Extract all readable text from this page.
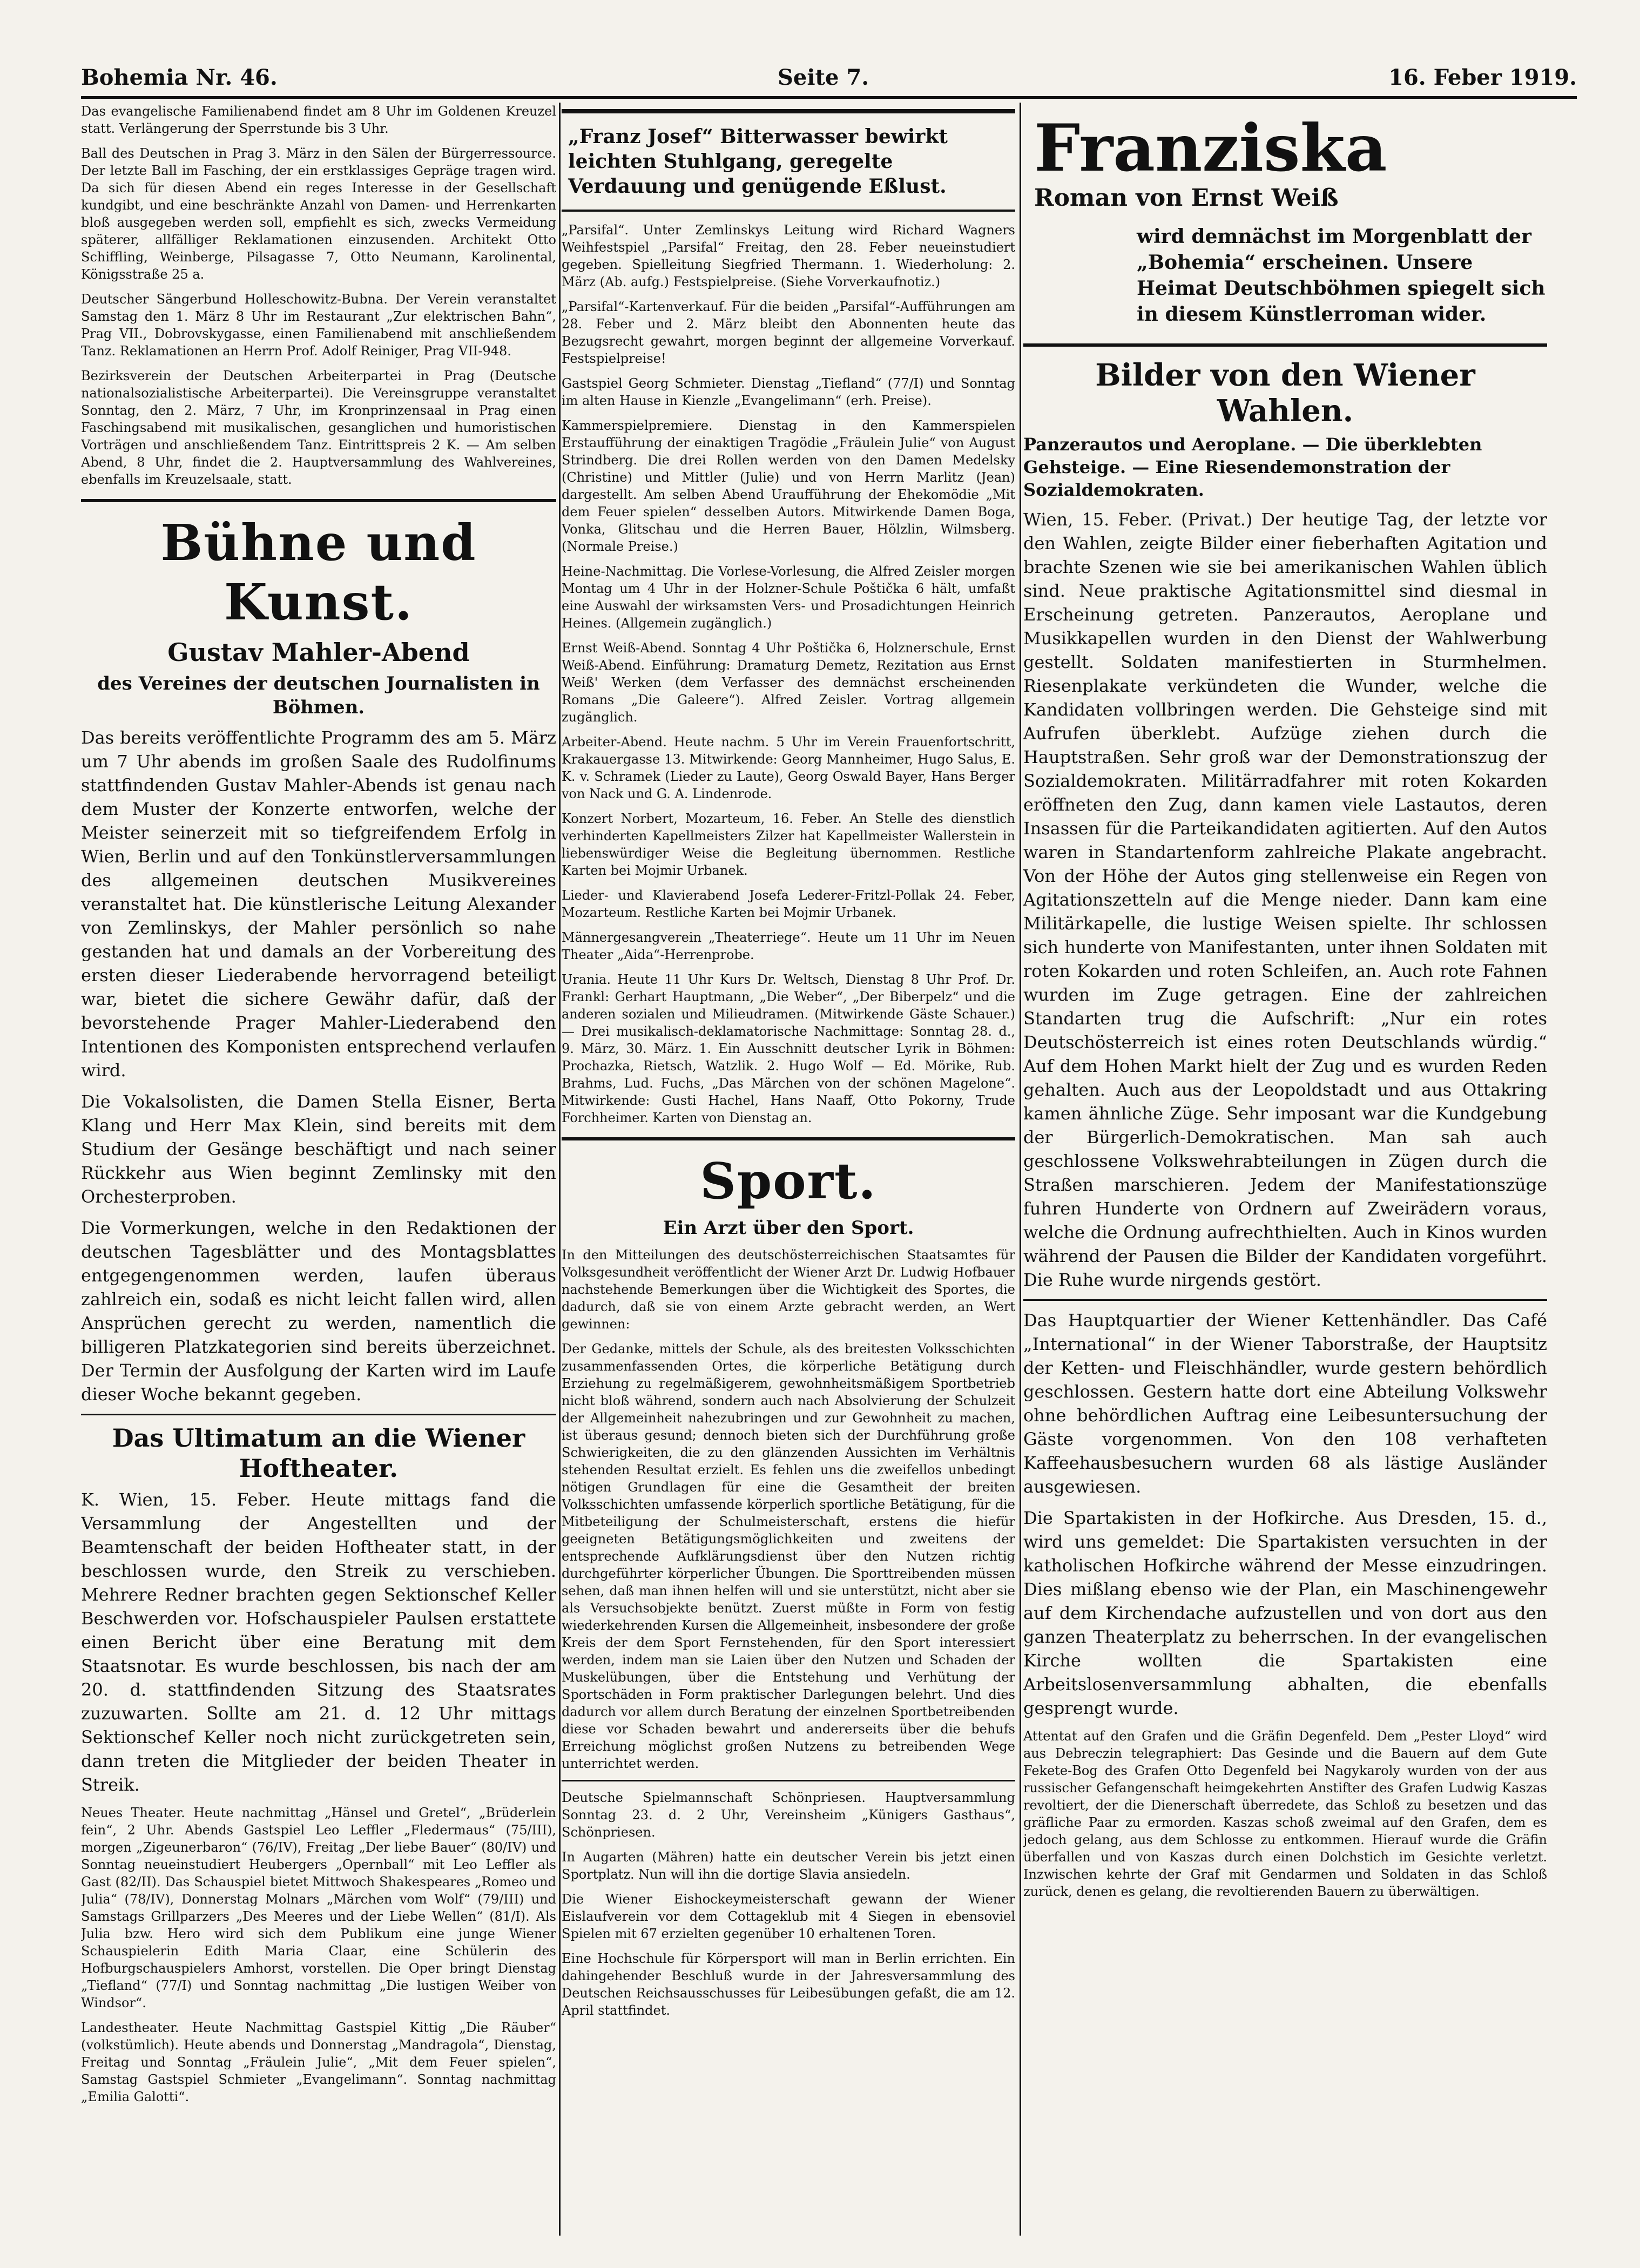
Bohemia Nr. 46.	Seite 7.	16. Feber 1919.

Das evangelische Familienabend findet am 8 Uhr im Goldenen Kreuzel statt. Verlängerung der Sperrstunde bis 3 Uhr.

Ball des Deutschen in Prag 3. März in den Sälen der Bürgerressource. Der letzte Ball im Fasching, der ein erstklassiges Gepräge tragen wird. Da sich für diesen Abend ein reges Interesse in der Gesellschaft kundgibt, und eine beschränkte Anzahl von Damen- und Herrenkarten bloß ausgegeben werden soll, empfiehlt es sich, zwecks Vermeidung späterer, allfälliger Reklamationen einzusenden. Architekt Otto Schiffling, Weinberge, Pilsagasse 7, Otto Neumann, Karolinental, Königsstraße 25 a.

Deutscher Sängerbund Holleschowitz-Bubna. Der Verein veranstaltet Samstag den 1. März 8 Uhr im Restaurant „Zur elektrischen Bahn“, Prag VII., Dobrovskygasse, einen Familienabend mit anschließendem Tanz. Reklamationen an Herrn Prof. Adolf Reiniger, Prag VII-948.

Bezirksverein der Deutschen Arbeiterpartei in Prag (Deutsche nationalsozialistische Arbeiterpartei). Die Vereinsgruppe veranstaltet Sonntag, den 2. März, 7 Uhr, im Kronprinzensaal in Prag einen Faschingsabend mit musikalischen, gesanglichen und humoristischen Vorträgen und anschließendem Tanz. Eintrittspreis 2 K. — Am selben Abend, 8 Uhr, findet die 2. Hauptversammlung des Wahlvereines, ebenfalls im Kreuzelsaale, statt.

Bühne und Kunst.
Gustav Mahler-Abend
des Vereines der deutschen Journalisten in Böhmen.

Das bereits veröffentlichte Programm des am 5. März um 7 Uhr abends im großen Saale des Rudolfinums stattfindenden Gustav Mahler-Abends ist genau nach dem Muster der Konzerte entworfen, welche der Meister seinerzeit mit so tiefgreifendem Erfolg in Wien, Berlin und auf den Tonkünstlerversammlungen des allgemeinen deutschen Musikvereines veranstaltet hat. Die künstlerische Leitung Alexander von Zemlinskys, der Mahler persönlich so nahe gestanden hat und damals an der Vorbereitung des ersten dieser Liederabende hervorragend beteiligt war, bietet die sichere Gewähr dafür, daß der bevorstehende Prager Mahler-Liederabend den Intentionen des Komponisten entsprechend verlaufen wird.

Die Vokalsolisten, die Damen Stella Eisner, Berta Klang und Herr Max Klein, sind bereits mit dem Studium der Gesänge beschäftigt und nach seiner Rückkehr aus Wien beginnt Zemlinsky mit den Orchesterproben.

Die Vormerkungen, welche in den Redaktionen der deutschen Tagesblätter und des Montagsblattes entgegengenommen werden, laufen überaus zahlreich ein, sodaß es nicht leicht fallen wird, allen Ansprüchen gerecht zu werden, namentlich die billigeren Platzkategorien sind bereits überzeichnet. Der Termin der Ausfolgung der Karten wird im Laufe dieser Woche bekannt gegeben.

Das Ultimatum an die Wiener Hoftheater.

K. Wien, 15. Feber. Heute mittags fand die Versammlung der Angestellten und der Beamtenschaft der beiden Hoftheater statt, in der beschlossen wurde, den Streik zu verschieben. Mehrere Redner brachten gegen Sektionschef Keller Beschwerden vor. Hofschauspieler Paulsen erstattete einen Bericht über eine Beratung mit dem Staatsnotar. Es wurde beschlossen, bis nach der am 20. d. stattfindenden Sitzung des Staatsrates zuzuwarten. Sollte am 21. d. 12 Uhr mittags Sektionschef Keller noch nicht zurückgetreten sein, dann treten die Mitglieder der beiden Theater in Streik.

Neues Theater. Heute nachmittag „Hänsel und Gretel“, „Brüderlein fein“, 2 Uhr. Abends Gastspiel Leo Leffler „Fledermaus“ (75/III), morgen „Zigeunerbaron“ (76/IV), Freitag „Der liebe Bauer“ (80/IV) und Sonntag neueinstudiert Heubergers „Opernball“ mit Leo Leffler als Gast (82/II). Das Schauspiel bietet Mittwoch Shakespeares „Romeo und Julia“ (78/IV), Donnerstag Molnars „Märchen vom Wolf“ (79/III) und Samstags Grillparzers „Des Meeres und der Liebe Wellen“ (81/I). Als Julia bzw. Hero wird sich dem Publikum eine junge Wiener Schauspielerin Edith Maria Claar, eine Schülerin des Hofburgschauspielers Amhorst, vorstellen. Die Oper bringt Dienstag „Tiefland“ (77/I) und Sonntag nachmittag „Die lustigen Weiber von Windsor“.

Landestheater. Heute Nachmittag Gastspiel Kittig „Die Räuber“ (volkstümlich). Heute abends und Donnerstag „Mandragola“, Dienstag, Freitag und Sonntag „Fräulein Julie“, „Mit dem Feuer spielen“, Samstag Gastspiel Schmieter „Evangelimann“. Sonntag nachmittag „Emilia Galotti“.

„Franz Josef“ Bitterwasser bewirkt leichten Stuhlgang, geregelte Verdauung und genügende Eßlust.

„Parsifal“. Unter Zemlinskys Leitung wird Richard Wagners Weihfestspiel „Parsifal“ Freitag, den 28. Feber neueinstudiert gegeben. Spielleitung Siegfried Thermann. 1. Wiederholung: 2. März (Ab. aufg.) Festspielpreise. (Siehe Vorverkaufnotiz.)

„Parsifal“-Kartenverkauf. Für die beiden „Parsifal“-Aufführungen am 28. Feber und 2. März bleibt den Abonnenten heute das Bezugsrecht gewahrt, morgen beginnt der allgemeine Vorverkauf. Festspielpreise!

Gastspiel Georg Schmieter. Dienstag „Tiefland“ (77/I) und Sonntag im alten Hause in Kienzle „Evangelimann“ (erh. Preise).

Kammerspielpremiere. Dienstag in den Kammerspielen Erstaufführung der einaktigen Tragödie „Fräulein Julie“ von August Strindberg. Die drei Rollen werden von den Damen Medelsky (Christine) und Mittler (Julie) und von Herrn Marlitz (Jean) dargestellt. Am selben Abend Uraufführung der Ehekomödie „Mit dem Feuer spielen“ desselben Autors. Mitwirkende Damen Boga, Vonka, Glitschau und die Herren Bauer, Hölzlin, Wilmsberg. (Normale Preise.)

Heine-Nachmittag. Die Vorlese-Vorlesung, die Alfred Zeisler morgen Montag um 4 Uhr in der Holzner-Schule Poštička 6 hält, umfaßt eine Auswahl der wirksamsten Vers- und Prosadichtungen Heinrich Heines. (Allgemein zugänglich.)

Ernst Weiß-Abend. Sonntag 4 Uhr Poštička 6, Holznerschule, Ernst Weiß-Abend. Einführung: Dramaturg Demetz, Rezitation aus Ernst Weiß' Werken (dem Verfasser des demnächst erscheinenden Romans „Die Galeere“). Alfred Zeisler. Vortrag allgemein zugänglich.

Arbeiter-Abend. Heute nachm. 5 Uhr im Verein Frauenfortschritt, Krakauergasse 13. Mitwirkende: Georg Mannheimer, Hugo Salus, E. K. v. Schramek (Lieder zu Laute), Georg Oswald Bayer, Hans Berger von Nack und G. A. Lindenrode.

Konzert Norbert, Mozarteum, 16. Feber. An Stelle des dienstlich verhinderten Kapellmeisters Zilzer hat Kapellmeister Wallerstein in liebenswürdiger Weise die Begleitung übernommen. Restliche Karten bei Mojmir Urbanek.

Lieder- und Klavierabend Josefa Lederer-Fritzl-Pollak 24. Feber, Mozarteum. Restliche Karten bei Mojmir Urbanek.

Männergesangverein „Theaterriege“. Heute um 11 Uhr im Neuen Theater „Aida“-Herrenprobe.

Urania. Heute 11 Uhr Kurs Dr. Weltsch, Dienstag 8 Uhr Prof. Dr. Frankl: Gerhart Hauptmann, „Die Weber“, „Der Biberpelz“ und die anderen sozialen und Milieudramen. (Mitwirkende Gäste Schauer.) — Drei musikalisch-deklamatorische Nachmittage: Sonntag 28. d., 9. März, 30. März. 1. Ein Ausschnitt deutscher Lyrik in Böhmen: Prochazka, Rietsch, Watzlik. 2. Hugo Wolf — Ed. Mörike, Rub. Brahms, Lud. Fuchs, „Das Märchen von der schönen Magelone“. Mitwirkende: Gusti Hachel, Hans Naaff, Otto Pokorny, Trude Forchheimer. Karten von Dienstag an.

Sport.
Ein Arzt über den Sport.

In den Mitteilungen des deutschösterreichischen Staatsamtes für Volksgesundheit veröffentlicht der Wiener Arzt Dr. Ludwig Hofbauer nachstehende Bemerkungen über die Wichtigkeit des Sportes, die dadurch, daß sie von einem Arzte gebracht werden, an Wert gewinnen:

Der Gedanke, mittels der Schule, als des breitesten Volksschichten zusammenfassenden Ortes, die körperliche Betätigung durch Erziehung zu regelmäßigerem, gewohnheitsmäßigem Sportbetrieb nicht bloß während, sondern auch nach Absolvierung der Schulzeit der Allgemeinheit nahezubringen und zur Gewohnheit zu machen, ist überaus gesund; dennoch bieten sich der Durchführung große Schwierigkeiten, die zu den glänzenden Aussichten im Verhältnis stehenden Resultat erzielt. Es fehlen uns die zweifellos unbedingt nötigen Grundlagen für eine die Gesamtheit der breiten Volksschichten umfassende körperlich sportliche Betätigung, für die Mitbeteiligung der Schulmeisterschaft, erstens die hiefür geeigneten Betätigungsmöglichkeiten und zweitens der entsprechende Aufklärungsdienst über den Nutzen richtig durchgeführter körperlicher Übungen. Die Sporttreibenden müssen sehen, daß man ihnen helfen will und sie unterstützt, nicht aber sie als Versuchsobjekte benützt. Zuerst müßte in Form von festig wiederkehrenden Kursen die Allgemeinheit, insbesondere der große Kreis der dem Sport Fernstehenden, für den Sport interessiert werden, indem man sie Laien über den Nutzen und Schaden der Muskelübungen, über die Entstehung und Verhütung der Sportschäden in Form praktischer Darlegungen belehrt. Und dies dadurch vor allem durch Beratung der einzelnen Sportbetreibenden diese vor Schaden bewahrt und andererseits über die behufs Erreichung möglichst großen Nutzens zu betreibenden Wege unterrichtet werden.

Deutsche Spielmannschaft Schönpriesen. Hauptversammlung Sonntag 23. d. 2 Uhr, Vereinsheim „Künigers Gasthaus“, Schönpriesen.

In Augarten (Mähren) hatte ein deutscher Verein bis jetzt einen Sportplatz. Nun will ihn die dortige Slavia ansiedeln.

Die Wiener Eishockeymeisterschaft gewann der Wiener Eislaufverein vor dem Cottageklub mit 4 Siegen in ebensoviel Spielen mit 67 erzielten gegenüber 10 erhaltenen Toren.

Eine Hochschule für Körpersport will man in Berlin errichten. Ein dahingehender Beschluß wurde in der Jahresversammlung des Deutschen Reichsausschusses für Leibesübungen gefaßt, die am 12. April stattfindet.

Franziska
Roman von Ernst Weiß
wird demnächst im Morgenblatt der „Bohemia“ erscheinen. Unsere Heimat Deutschböhmen spiegelt sich in diesem Künstlerroman wider.
Bilder von den Wiener Wahlen.
Panzerautos und Aeroplane. — Die überklebten Gehsteige. — Eine Riesendemonstration der Sozialdemokraten.

Wien, 15. Feber. (Privat.) Der heutige Tag, der letzte vor den Wahlen, zeigte Bilder einer fieberhaften Agitation und brachte Szenen wie sie bei amerikanischen Wahlen üblich sind. Neue praktische Agitationsmittel sind diesmal in Erscheinung getreten. Panzerautos, Aeroplane und Musikkapellen wurden in den Dienst der Wahlwerbung gestellt. Soldaten manifestierten in Sturmhelmen. Riesenplakate verkündeten die Wunder, welche die Kandidaten vollbringen werden. Die Gehsteige sind mit Aufrufen überklebt. Aufzüge ziehen durch die Hauptstraßen. Sehr groß war der Demonstrationszug der Sozialdemokraten. Militärradfahrer mit roten Kokarden eröffneten den Zug, dann kamen viele Lastautos, deren Insassen für die Parteikandidaten agitierten. Auf den Autos waren in Standartenform zahlreiche Plakate angebracht. Von der Höhe der Autos ging stellenweise ein Regen von Agitationszetteln auf die Menge nieder. Dann kam eine Militärkapelle, die lustige Weisen spielte. Ihr schlossen sich hunderte von Manifestanten, unter ihnen Soldaten mit roten Kokarden und roten Schleifen, an. Auch rote Fahnen wurden im Zuge getragen. Eine der zahlreichen Standarten trug die Aufschrift: „Nur ein rotes Deutschösterreich ist eines roten Deutschlands würdig.“ Auf dem Hohen Markt hielt der Zug und es wurden Reden gehalten. Auch aus der Leopoldstadt und aus Ottakring kamen ähnliche Züge. Sehr imposant war die Kundgebung der Bürgerlich-Demokratischen. Man sah auch geschlossene Volkswehrabteilungen in Zügen durch die Straßen marschieren. Jedem der Manifestationszüge fuhren Hunderte von Ordnern auf Zweirädern voraus, welche die Ordnung aufrechthielten. Auch in Kinos wurden während der Pausen die Bilder der Kandidaten vorgeführt. Die Ruhe wurde nirgends gestört.

Das Hauptquartier der Wiener Kettenhändler. Das Café „International“ in der Wiener Taborstraße, der Hauptsitz der Ketten- und Fleischhändler, wurde gestern behördlich geschlossen. Gestern hatte dort eine Abteilung Volkswehr ohne behördlichen Auftrag eine Leibesuntersuchung der Gäste vorgenommen. Von den 108 verhafteten Kaffeehausbesuchern wurden 68 als lästige Ausländer ausgewiesen.

Die Spartakisten in der Hofkirche. Aus Dresden, 15. d., wird uns gemeldet: Die Spartakisten versuchten in der katholischen Hofkirche während der Messe einzudringen. Dies mißlang ebenso wie der Plan, ein Maschinengewehr auf dem Kirchendache aufzustellen und von dort aus den ganzen Theaterplatz zu beherrschen. In der evangelischen Kirche wollten die Spartakisten eine Arbeitslosenversammlung abhalten, die ebenfalls gesprengt wurde.

Attentat auf den Grafen und die Gräfin Degenfeld. Dem „Pester Lloyd“ wird aus Debreczin telegraphiert: Das Gesinde und die Bauern auf dem Gute Fekete-Bog des Grafen Otto Degenfeld bei Nagykaroly wurden von der aus russischer Gefangenschaft heimgekehrten Anstifter des Grafen Ludwig Kaszas revoltiert, der die Dienerschaft überredete, das Schloß zu besetzen und das gräfliche Paar zu ermorden. Kaszas schoß zweimal auf den Grafen, dem es jedoch gelang, aus dem Schlosse zu entkommen. Hierauf wurde die Gräfin überfallen und von Kaszas durch einen Dolchstich im Gesichte verletzt. Inzwischen kehrte der Graf mit Gendarmen und Soldaten in das Schloß zurück, denen es gelang, die revoltierenden Bauern zu überwältigen.
